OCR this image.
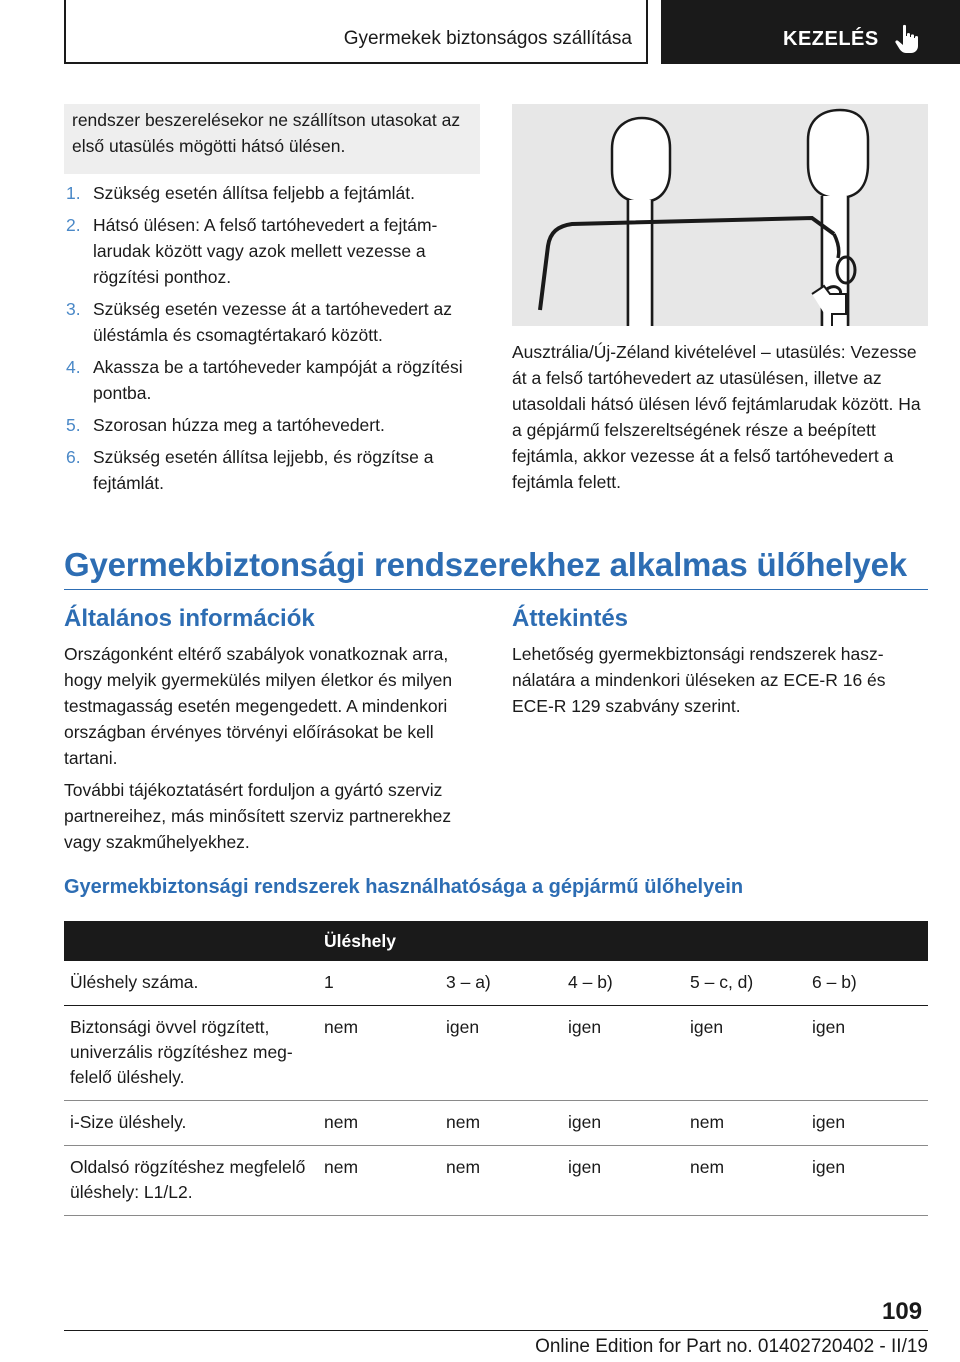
Gyermekek biztonságos szállítása	KEZELÉS
rendszer beszerelésekor ne szállítson utasokat az első utasülés mögötti hátsó ülésen.
1. Szükség esetén állítsa feljebb a fejtámlát.
2. Hátsó ülésen: A felső tartóhevedert a fejtámlarudak között vagy azok mellett vezesse a rögzítési ponthoz.
3. Szükség esetén vezesse át a tartóhevedert az üléstámla és csomagtértakaró között.
4. Akassza be a tartóheveder kampóját a rögzítési pontba.
5. Szorosan húzza meg a tartóhevedert.
6. Szükség esetén állítsa lejjebb, és rögzítse a fejtámlát.
Ausztrália/Új-Zéland kivételével – utasülés: Vezesse át a felső tartóhevedert az utasülésen, illetve az utasoldali hátsó ülésen lévő fejtámlarudak között. Ha a gépjármű felszereltségének része a beépített fejtámla, akkor vezesse át a felső tartóhevedert a fejtámla felett.
Gyermekbiztonsági rendszerekhez alkalmas ülőhelyek
Általános információk

Országonként eltérő szabályok vonatkoznak arra, hogy melyik gyermekülés milyen életkor és milyen testmagasság esetén megengedett. A mindenkori országban érvényes törvényi előírásokat be kell tartani.

További tájékoztatásért forduljon a gyártó szerviz partnereihez, más minősített szerviz partnerekhez vagy szakműhelyekhez.

Áttekintés

Lehetőség gyermekbiztonsági rendszerek használatára a mindenkori üléseken az ECE-R 16 és ECE-R 129 szabvány szerint.

Gyermekbiztonsági rendszerek használhatósága a gépjármű ülőhelyein
	Üléshely				
Üléshely száma.	1	3 – a)	4 – b)	5 – c, d)	6 – b)
Biztonsági övvel rögzített, univerzális rögzítéshez megfelelő üléshely.	nem	igen	igen	igen	igen
i-Size üléshely.	nem	nem	igen	nem	igen
Oldalsó rögzítéshez megfelelő üléshely: L1/L2.	nem	nem	igen	nem	igen
109
Online Edition for Part no. 01402720402 - II/19
